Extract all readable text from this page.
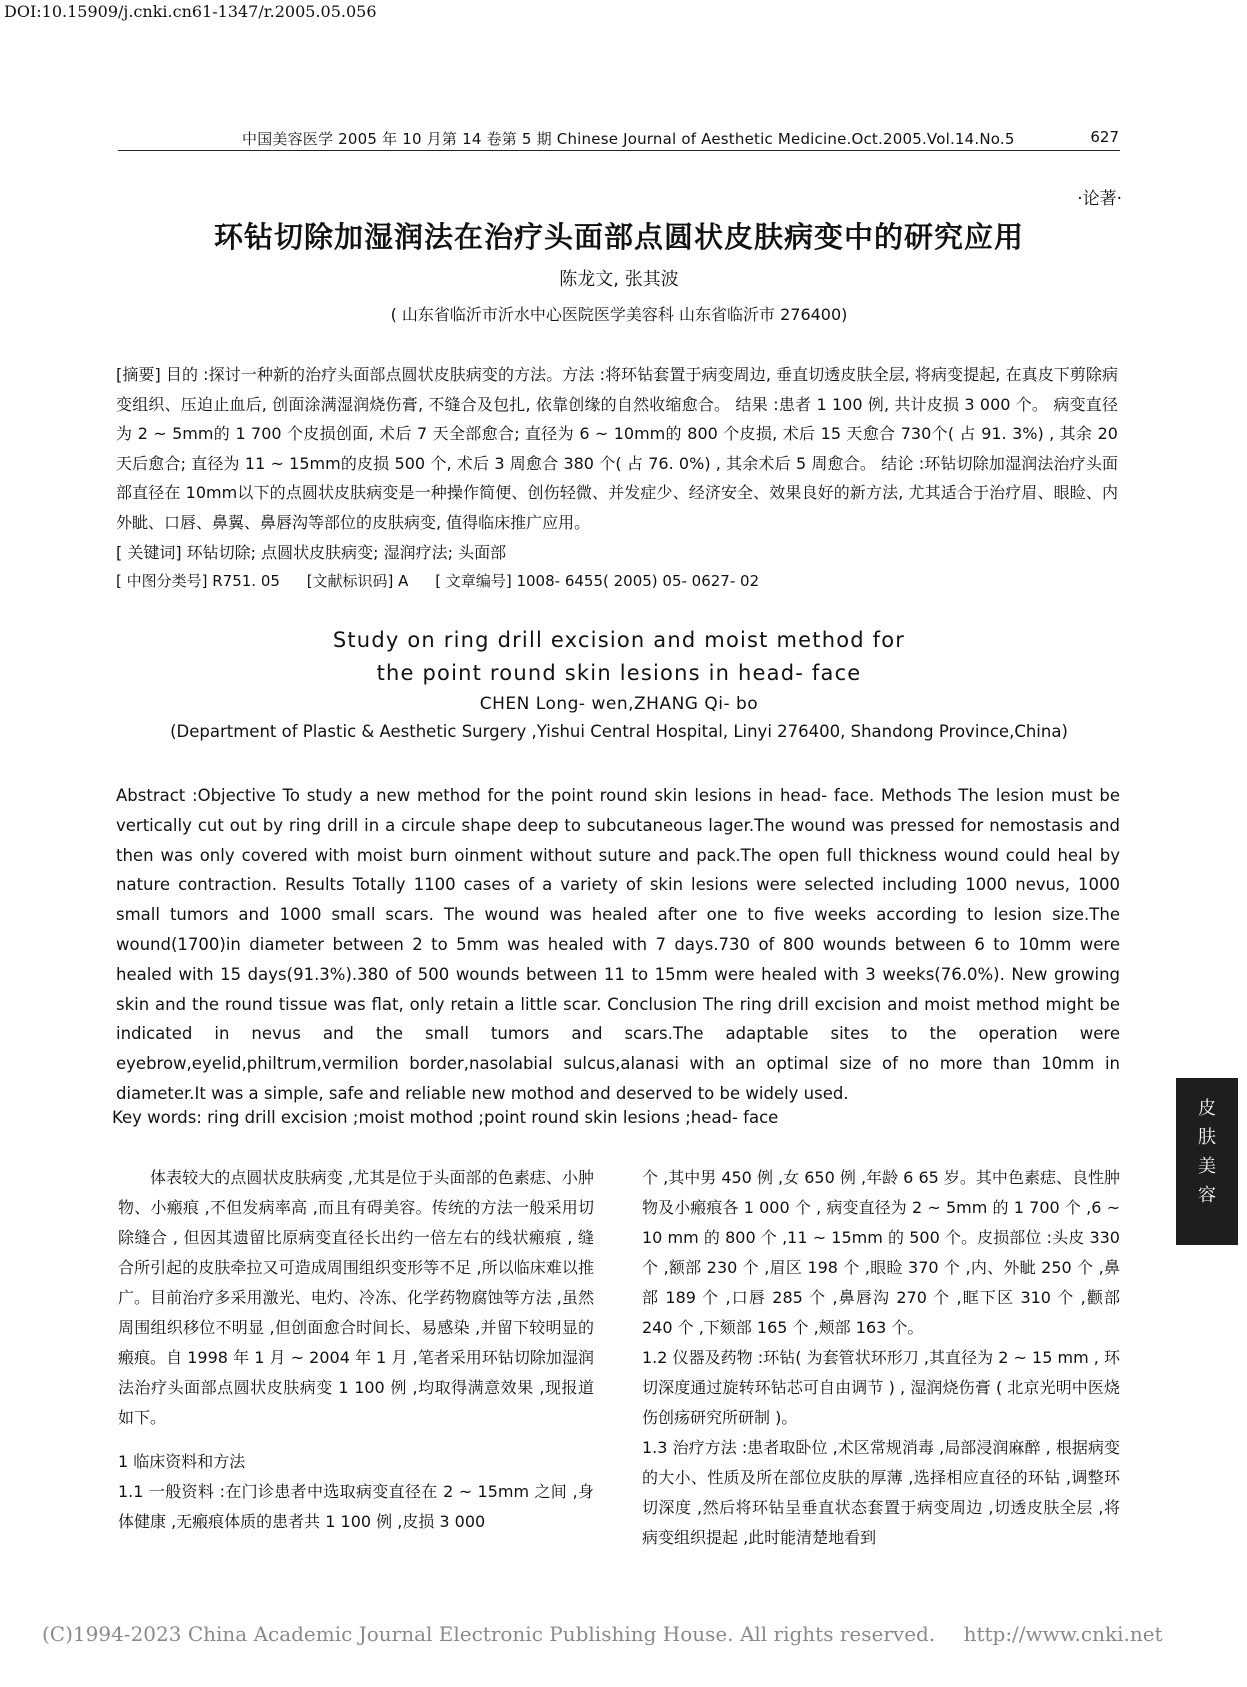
DOI:10.15909/j.cnki.cn61-1347/r.2005.05.056
中国美容医学 2005 年 10 月第 14 卷第 5 期 Chinese Journal of Aesthetic Medicine.Oct.2005.Vol.14.No.5	627
·论著·
环钻切除加湿润法在治疗头面部点圆状皮肤病变中的研究应用
陈龙文, 张其波
( 山东省临沂市沂水中心医院医学美容科 山东省临沂市 276400)

[摘要] 目的 :探讨一种新的治疗头面部点圆状皮肤病变的方法。方法 :将环钻套置于病变周边, 垂直切透皮肤全层, 将病变提起, 在真皮下剪除病变组织、压迫止血后, 创面涂满湿润烧伤膏, 不缝合及包扎, 依靠创缘的自然收缩愈合。 结果 :患者 1 100 例, 共计皮损 3 000 个。 病变直径为 2 ~ 5mm的 1 700 个皮损创面, 术后 7 天全部愈合; 直径为 6 ~ 10mm的 800 个皮损, 术后 15 天愈合 730个( 占 91. 3%) , 其余 20 天后愈合; 直径为 11 ~ 15mm的皮损 500 个, 术后 3 周愈合 380 个( 占 76. 0%) , 其余术后 5 周愈合。 结论 :环钻切除加湿润法治疗头面部直径在 10mm以下的点圆状皮肤病变是一种操作简便、创伤轻微、并发症少、经济安全、效果良好的新方法, 尤其适合于治疗眉、眼睑、内外眦、口唇、鼻翼、鼻唇沟等部位的皮肤病变, 值得临床推广应用。

[ 关键词] 环钻切除; 点圆状皮肤病变; 湿润疗法; 头面部
[ 中图分类号] R751. 05 [文献标识码] A [ 文章编号] 1008- 6455( 2005) 05- 0627- 02
Study on ring drill excision and moist method for
the point round skin lesions in head- face
CHEN Long- wen,ZHANG Qi- bo
(Department of Plastic & Aesthetic Surgery ,Yishui Central Hospital, Linyi 276400, Shandong Province,China)

Abstract :Objective To study a new method for the point round skin lesions in head- face. Methods The lesion must be vertically cut out by ring drill in a circule shape deep to subcutaneous lager.The wound was pressed for nemostasis and then was only covered with moist burn oinment without suture and pack.The open full thickness wound could heal by nature contraction. Results Totally 1100 cases of a variety of skin lesions were selected including 1000 nevus, 1000 small tumors and 1000 small scars. The wound was healed after one to five weeks according to lesion size.The wound(1700)in diameter between 2 to 5mm was healed with 7 days.730 of 800 wounds between 6 to 10mm were healed with 15 days(91.3%).380 of 500 wounds between 11 to 15mm were healed with 3 weeks(76.0%). New growing skin and the round tissue was flat, only retain a little scar. Conclusion The ring drill excision and moist method might be indicated in nevus and the small tumors and scars.The adaptable sites to the operation were eyebrow,eyelid,philtrum,vermilion border,nasolabial sulcus,alanasi with an optimal size of no more than 10mm in diameter.It was a simple, safe and reliable new mothod and deserved to be widely used.

Key words: ring drill excision ;moist mothod ;point round skin lesions ;head- face

体表较大的点圆状皮肤病变 ,尤其是位于头面部的色素痣、小肿物、小瘢痕 ,不但发病率高 ,而且有碍美容。传统的方法一般采用切除缝合 , 但因其遗留比原病变直径长出约一倍左右的线状瘢痕 , 缝合所引起的皮肤牵拉又可造成周围组织变形等不足 ,所以临床难以推广。目前治疗多采用激光、电灼、冷冻、化学药物腐蚀等方法 ,虽然周围组织移位不明显 ,但创面愈合时间长、易感染 ,并留下较明显的瘢痕。自 1998 年 1 月 ~ 2004 年 1 月 ,笔者采用环钻切除加湿润法治疗头面部点圆状皮肤病变 1 100 例 ,均取得满意效果 ,现报道如下。

1 临床资料和方法

1.1 一般资料 :在门诊患者中选取病变直径在 2 ~ 15mm 之间 ,身体健康 ,无瘢痕体质的患者共 1 100 例 ,皮损 3 000

个 ,其中男 450 例 ,女 650 例 ,年龄 6 65 岁。其中色素痣、良性肿物及小瘢痕各 1 000 个 , 病变直径为 2 ~ 5mm 的 1 700 个 ,6 ~ 10 mm 的 800 个 ,11 ~ 15mm 的 500 个。皮损部位 :头皮 330 个 ,额部 230 个 ,眉区 198 个 ,眼睑 370 个 ,内、外眦 250 个 ,鼻部 189 个 ,口唇 285 个 ,鼻唇沟 270 个 ,眶下区 310 个 ,颧部 240 个 ,下颏部 165 个 ,颊部 163 个。

1.2 仪器及药物 :环钻( 为套管状环形刀 ,其直径为 2 ~ 15 mm , 环切深度通过旋转环钻芯可自由调节 ) , 湿润烧伤膏 ( 北京光明中医烧伤创疡研究所研制 )。

1.3 治疗方法 :患者取卧位 ,术区常规消毒 ,局部浸润麻醉 , 根据病变的大小、性质及所在部位皮肤的厚薄 ,选择相应直径的环钻 ,调整环切深度 ,然后将环钻呈垂直状态套置于病变周边 ,切透皮肤全层 ,将病变组织提起 ,此时能清楚地看到

皮
肤
美
容
(C)1994-2023 China Academic Journal Electronic Publishing House. All rights reserved. http://www.cnki.net
